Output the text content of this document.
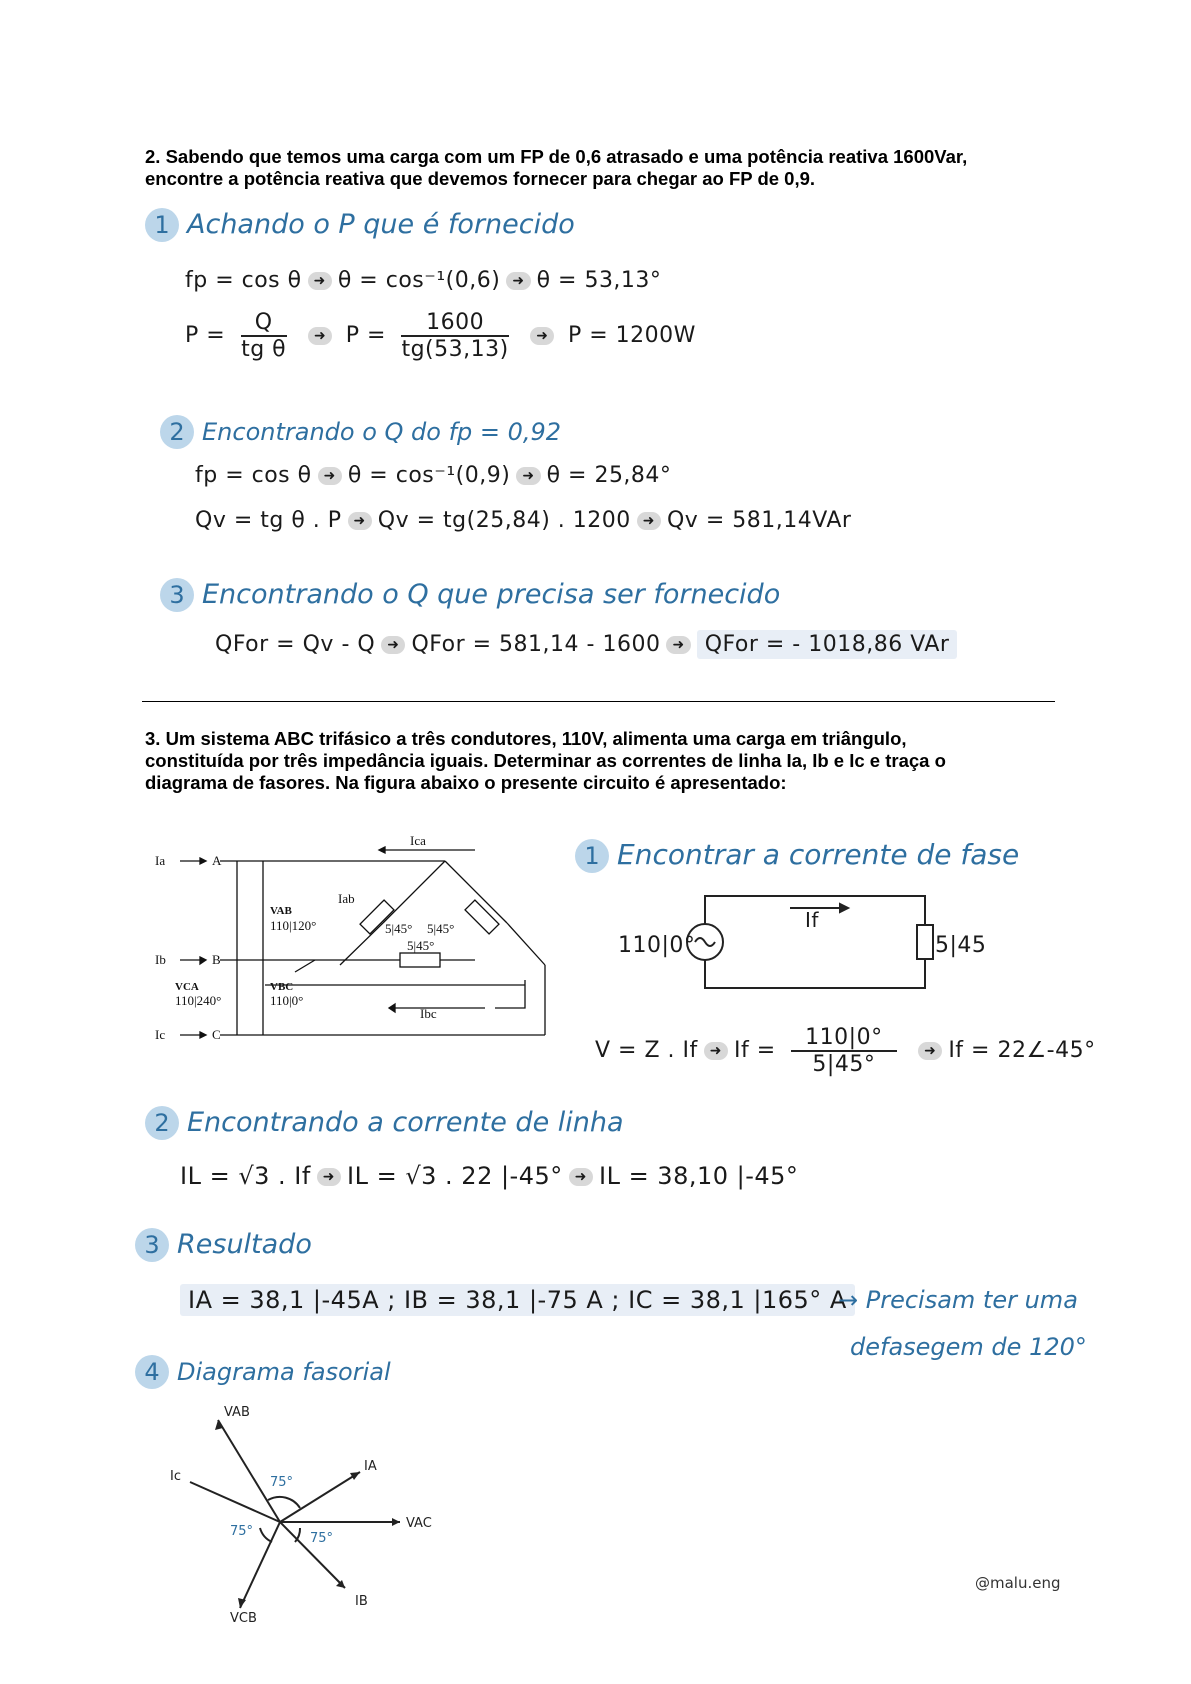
2. Sabendo que temos uma carga com um FP de 0,6 atrasado e uma potência reativa 1600Var,

encontre a potência reativa que devemos fornecer para chegar ao FP de 0,9.

1 Achando o P que é fornecido
fp = cos θ ➜ θ = cos⁻¹(0,6) ➜ θ = 53,13°
$P = \frac{Q}{\text{tg θ}}$ ➜ $P = \frac{1600}{tg(53,13)}$ ➜ P = 1200W
2 Encontrando o Q do fp = 0,92
fp = cos θ ➜ θ = cos⁻¹(0,9) ➜ θ = 25,84°
Qv = tg θ . P ➜ Qv = tg(25,84) . 1200 ➜ Qv = 581,14VAr
3 Encontrando o Q que precisa ser fornecido
QFor = Qv - Q ➜ QFor = 581,14 - 1600 ➜ QFor = - 1018,86 VAr

3. Um sistema ABC trifásico a três condutores, 110V, alimenta uma carga em triângulo,

constituída por três impedância iguais. Determinar as correntes de linha Ia, Ib e Ic e traça o

diagrama de fasores. Na figura abaixo o presente circuito é apresentado:

Ia	A
Ib	B
Ic	C
Ica
Iab
Ibc
VAB
110|120°
VCA
110|240°
VBC
110|0°
5|45° 5|45°
5|45°
1 Encontrar a corrente de fase
110|0°	5|45
If
V = Z . If ➜ $If = \frac{110|0^\circ}{5|45^\circ}$ ➜ If = 22∠-45°
2 Encontrando a corrente de linha
IL = √3 . If ➜ IL = √3 . 22 |-45° ➜ IL = 38,10 |-45°
3 Resultado
IA = 38,1 |-45A ; IB = 38,1 |-75 A ; IC = 38,1 |165° A
→ Precisam ter uma
defasegem de 120°
4 Diagrama fasorial
VAB
IA
Ic
VAC
VCB
IB
75°
75°	75°
@malu.eng
